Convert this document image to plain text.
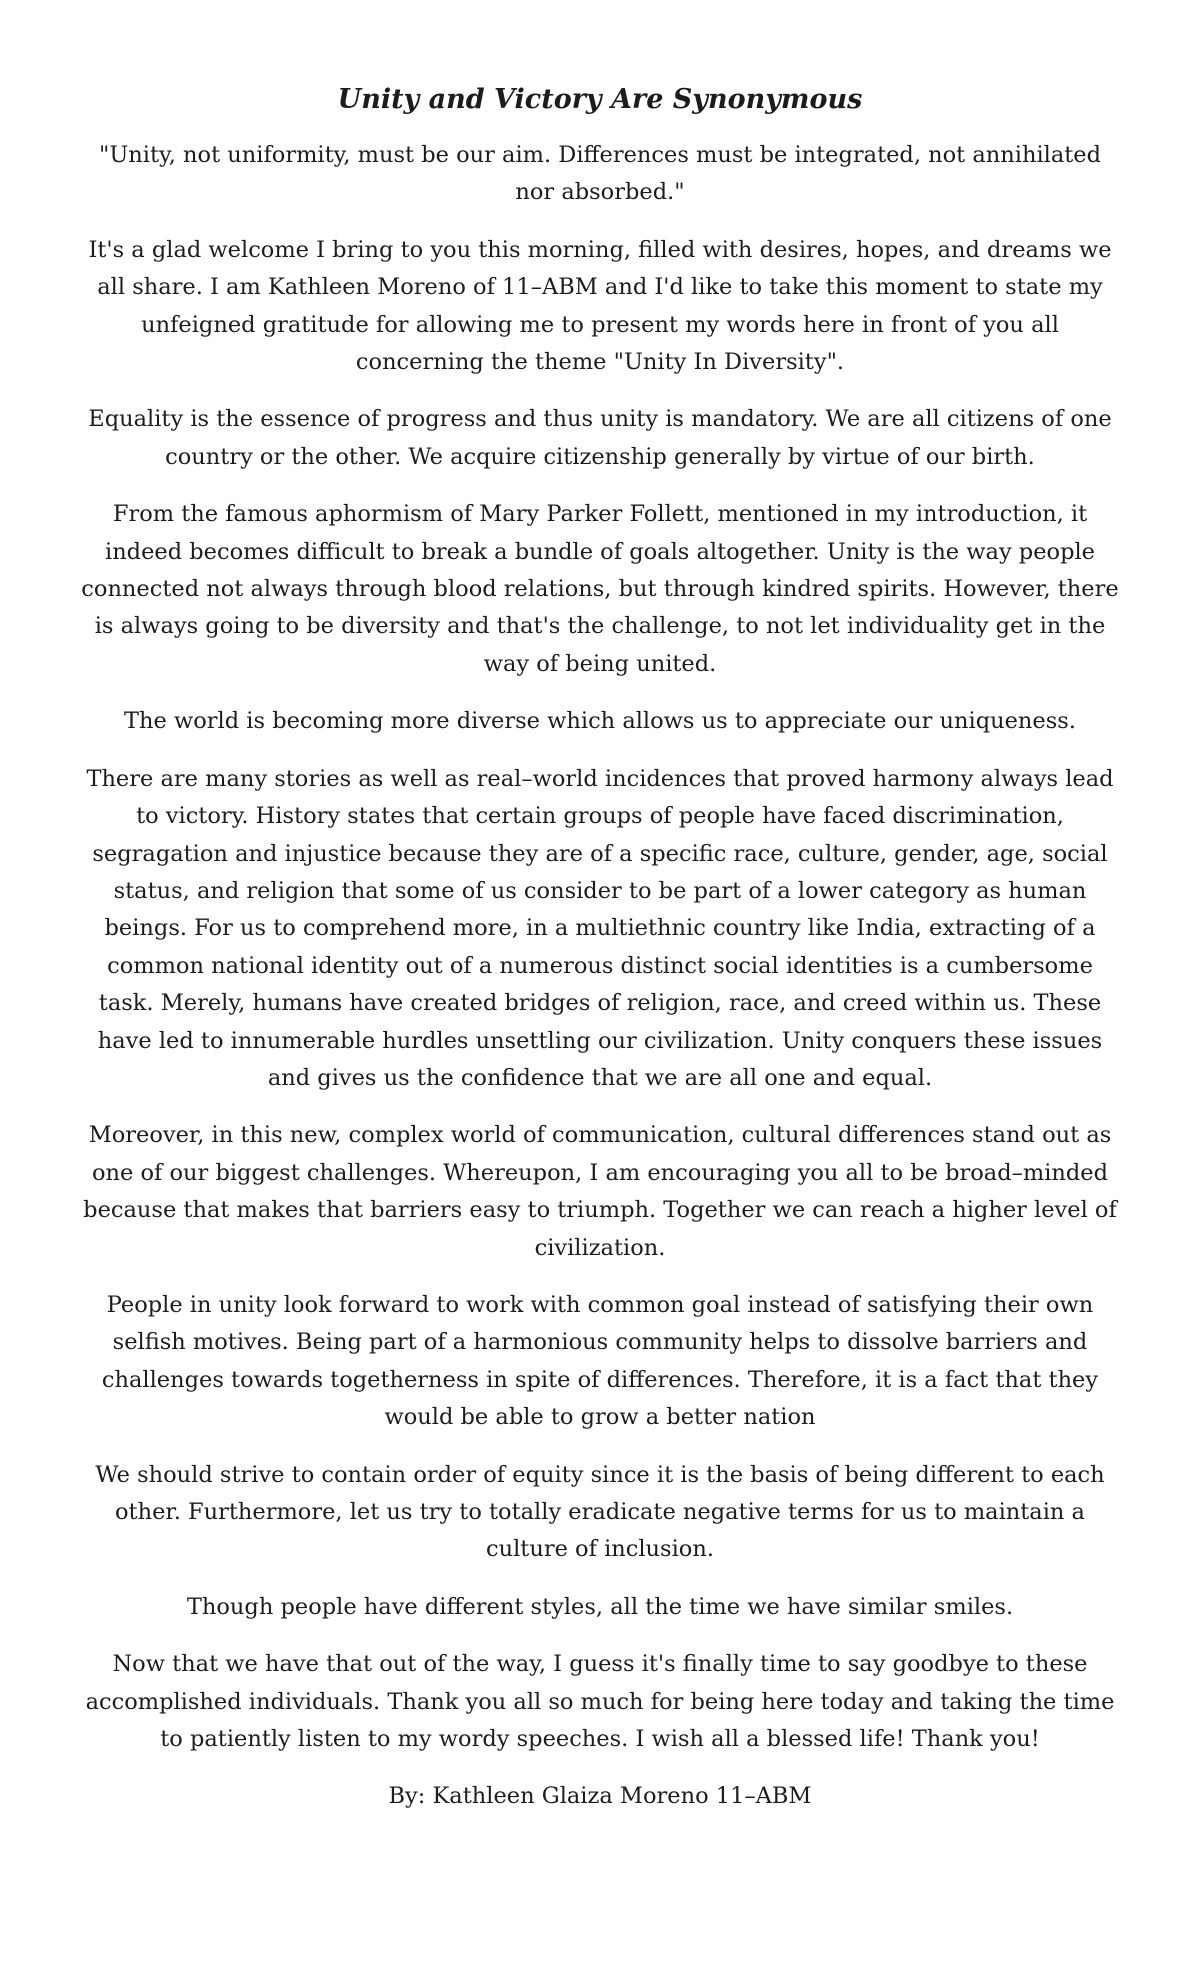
Unity and Victory Are Synonymous

"Unity, not uniformity, must be our aim. Differences must be integrated, not annihilated nor absorbed."

It's a glad welcome I bring to you this morning, filled with desires, hopes, and dreams we all share. I am Kathleen Moreno of 11–ABM and I'd like to take this moment to state my unfeigned gratitude for allowing me to present my words here in front of you all concerning the theme "Unity In Diversity".

Equality is the essence of progress and thus unity is mandatory. We are all citizens of one country or the other. We acquire citizenship generally by virtue of our birth.

From the famous aphormism of Mary Parker Follett, mentioned in my introduction, it indeed becomes difficult to break a bundle of goals altogether. Unity is the way people connected not always through blood relations, but through kindred spirits. However, there is always going to be diversity and that's the challenge, to not let individuality get in the way of being united.

The world is becoming more diverse which allows us to appreciate our uniqueness.

There are many stories as well as real–world incidences that proved harmony always lead to victory. History states that certain groups of people have faced discrimination, segragation and injustice because they are of a specific race, culture, gender, age, social status, and religion that some of us consider to be part of a lower category as human beings. For us to comprehend more, in a multiethnic country like India, extracting of a common national identity out of a numerous distinct social identities is a cumbersome task. Merely, humans have created bridges of religion, race, and creed within us. These have led to innumerable hurdles unsettling our civilization. Unity conquers these issues and gives us the confidence that we are all one and equal.

Moreover, in this new, complex world of communication, cultural differences stand out as one of our biggest challenges. Whereupon, I am encouraging you all to be broad–minded because that makes that barriers easy to triumph. Together we can reach a higher level of civilization.

People in unity look forward to work with common goal instead of satisfying their own selfish motives. Being part of a harmonious community helps to dissolve barriers and challenges towards togetherness in spite of differences. Therefore, it is a fact that they would be able to grow a better nation

We should strive to contain order of equity since it is the basis of being different to each other. Furthermore, let us try to totally eradicate negative terms for us to maintain a culture of inclusion.

Though people have different styles, all the time we have similar smiles.

Now that we have that out of the way, I guess it's finally time to say goodbye to these accomplished individuals. Thank you all so much for being here today and taking the time to patiently listen to my wordy speeches. I wish all a blessed life! Thank you!

By: Kathleen Glaiza Moreno 11–ABM
